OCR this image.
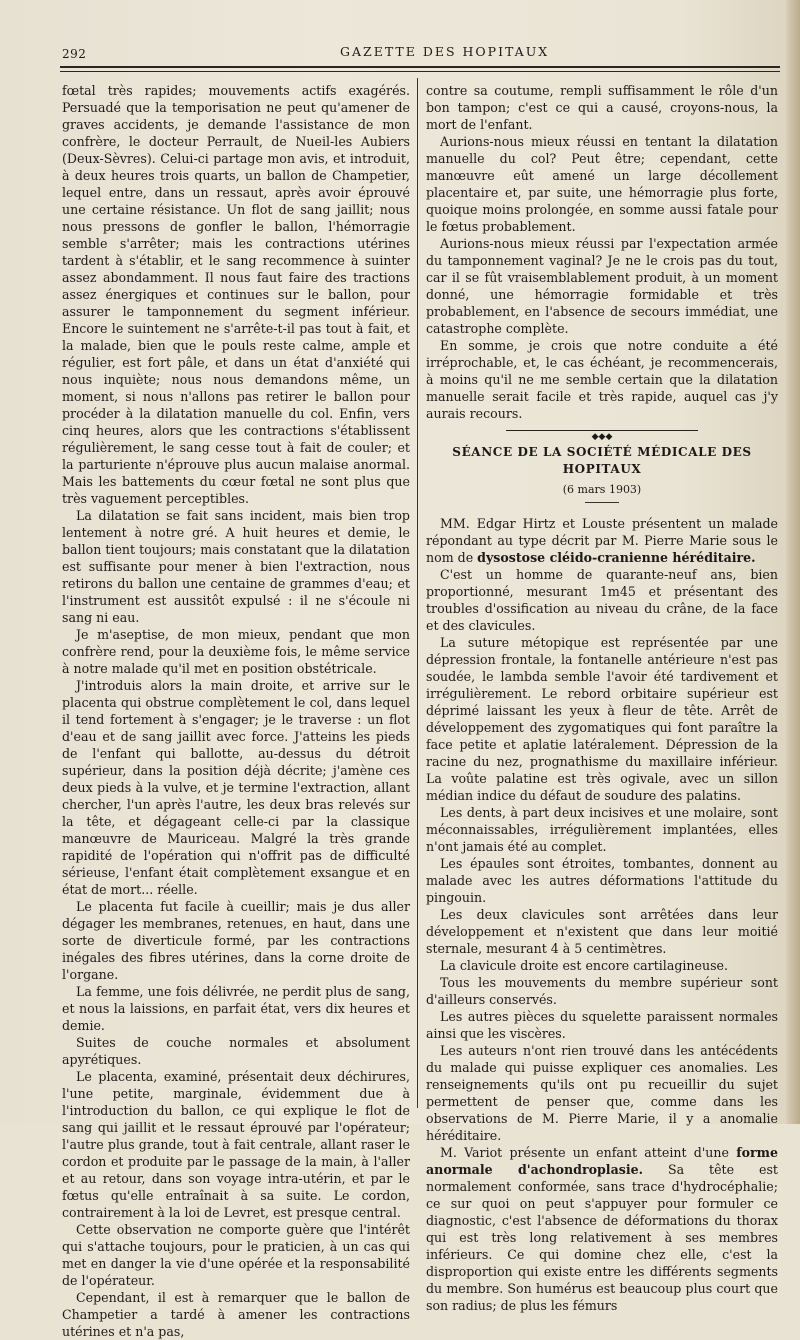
292	GAZETTE DES HOPITAUX

fœtal très rapides; mouvements actifs exagérés. Persuadé que la temporisation ne peut qu'amener de graves accidents, je demande l'assistance de mon confrère, le docteur Perrault, de Nueil-les Aubiers (Deux-Sèvres). Celui-ci partage mon avis, et introduit, à deux heures trois quarts, un ballon de Champetier, lequel entre, dans un ressaut, après avoir éprouvé une certaine résistance. Un flot de sang jaillit; nous nous pressons de gonfler le ballon, l'hémorragie semble s'arrêter; mais les contractions utérines tardent à s'établir, et le sang recommence à suinter assez abondamment. Il nous faut faire des tractions assez énergiques et continues sur le ballon, pour assurer le tamponnement du segment inférieur. Encore le suintement ne s'arrête-t-il pas tout à fait, et la malade, bien que le pouls reste calme, ample et régulier, est fort pâle, et dans un état d'anxiété qui nous inquiète; nous nous demandons même, un moment, si nous n'allons pas retirer le ballon pour procéder à la dilatation manuelle du col. Enfin, vers cinq heures, alors que les contractions s'établissent régulièrement, le sang cesse tout à fait de couler; et la parturiente n'éprouve plus aucun malaise anormal. Mais les battements du cœur fœtal ne sont plus que très vaguement perceptibles.

La dilatation se fait sans incident, mais bien trop lentement à notre gré. A huit heures et demie, le ballon tient toujours; mais constatant que la dilatation est suffisante pour mener à bien l'extraction, nous retirons du ballon une centaine de grammes d'eau; et l'instrument est aussitôt expulsé : il ne s'écoule ni sang ni eau.

Je m'aseptise, de mon mieux, pendant que mon confrère rend, pour la deuxième fois, le même service à notre malade qu'il met en position obstétricale.

J'introduis alors la main droite, et arrive sur le placenta qui obstrue complètement le col, dans lequel il tend fortement à s'engager; je le traverse : un flot d'eau et de sang jaillit avec force. J'atteins les pieds de l'enfant qui ballotte, au-dessus du détroit supérieur, dans la position déjà décrite; j'amène ces deux pieds à la vulve, et je termine l'extraction, allant chercher, l'un après l'autre, les deux bras relevés sur la tête, et dégageant celle-ci par la classique manœuvre de Mauriceau. Malgré la très grande rapidité de l'opération qui n'offrit pas de difficulté sérieuse, l'enfant était complètement exsangue et en état de mort... réelle.

Le placenta fut facile à cueillir; mais je dus aller dégager les membranes, retenues, en haut, dans une sorte de diverticule formé, par les contractions inégales des fibres utérines, dans la corne droite de l'organe.

La femme, une fois délivrée, ne perdit plus de sang, et nous la laissions, en parfait état, vers dix heures et demie.

Suites de couche normales et absolument apyrétiques.

Le placenta, examiné, présentait deux déchirures, l'une petite, marginale, évidemment due à l'introduction du ballon, ce qui explique le flot de sang qui jaillit et le ressaut éprouvé par l'opérateur; l'autre plus grande, tout à fait centrale, allant raser le cordon et produite par le passage de la main, à l'aller et au retour, dans son voyage intra-utérin, et par le fœtus qu'elle entraînait à sa suite. Le cordon, contrairement à la loi de Levret, est presque central.

Cette observation ne comporte guère que l'intérêt qui s'attache toujours, pour le praticien, à un cas qui met en danger la vie d'une opérée et la responsabilité de l'opérateur.

Cependant, il est à remarquer que le ballon de Champetier a tardé à amener les contractions utérines et n'a pas,

contre sa coutume, rempli suffisamment le rôle d'un bon tampon; c'est ce qui a causé, croyons-nous, la mort de l'enfant.

Aurions-nous mieux réussi en tentant la dilatation manuelle du col? Peut être; cependant, cette manœuvre eût amené un large décollement placentaire et, par suite, une hémorragie plus forte, quoique moins prolongée, en somme aussi fatale pour le fœtus probablement.

Aurions-nous mieux réussi par l'expectation armée du tamponnement vaginal? Je ne le crois pas du tout, car il se fût vraisemblablement produit, à un moment donné, une hémorragie formidable et très probablement, en l'absence de secours immédiat, une catastrophe complète.

En somme, je crois que notre conduite a été irréprochable, et, le cas échéant, je recommencerais, à moins qu'il ne me semble certain que la dilatation manuelle serait facile et très rapide, auquel cas j'y aurais recours.

◆◆◆
SÉANCE DE LA SOCIÉTÉ MÉDICALE DES HOPITAUX
(6 mars 1903)

MM. Edgar Hirtz et Louste présentent un malade répondant au type décrit par M. Pierre Marie sous le nom de dysostose cléido-cranienne héréditaire.

C'est un homme de quarante-neuf ans, bien proportionné, mesurant 1m45 et présentant des troubles d'ossification au niveau du crâne, de la face et des clavicules.

La suture métopique est représentée par une dépression frontale, la fontanelle antérieure n'est pas soudée, le lambda semble l'avoir été tardivement et irrégulièrement. Le rebord orbitaire supérieur est déprimé laissant les yeux à fleur de tête. Arrêt de développement des zygomatiques qui font paraître la face petite et aplatie latéralement. Dépression de la racine du nez, prognathisme du maxillaire inférieur. La voûte palatine est très ogivale, avec un sillon médian indice du défaut de soudure des palatins.

Les dents, à part deux incisives et une molaire, sont méconnaissables, irrégulièrement implantées, elles n'ont jamais été au complet.

Les épaules sont étroites, tombantes, donnent au malade avec les autres déformations l'attitude du pingouin.

Les deux clavicules sont arrêtées dans leur développement et n'existent que dans leur moitié sternale, mesurant 4 à 5 centimètres.

La clavicule droite est encore cartilagineuse.

Tous les mouvements du membre supérieur sont d'ailleurs conservés.

Les autres pièces du squelette paraissent normales ainsi que les viscères.

Les auteurs n'ont rien trouvé dans les antécédents du malade qui puisse expliquer ces anomalies. Les renseignements qu'ils ont pu recueillir du sujet permettent de penser que, comme dans les observations de M. Pierre Marie, il y a anomalie héréditaire.

M. Variot présente un enfant atteint d'une forme anormale d'achondroplasie. Sa tête est normalement conformée, sans trace d'hydrocéphalie; ce sur quoi on peut s'appuyer pour formuler ce diagnostic, c'est l'absence de déformations du thorax qui est très long relativement à ses membres inférieurs. Ce qui domine chez elle, c'est la disproportion qui existe entre les différents segments du membre. Son humérus est beaucoup plus court que son radius; de plus les fémurs
